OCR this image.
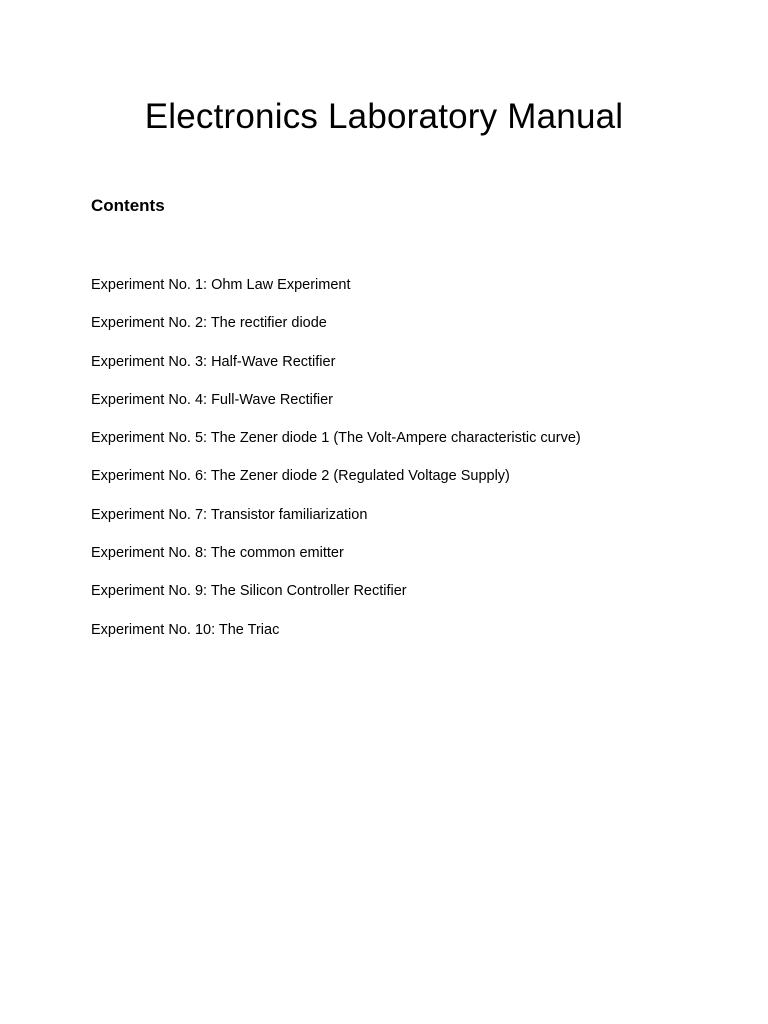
Electronics Laboratory Manual
Contents
Experiment No. 1: Ohm Law Experiment
Experiment No. 2: The rectifier diode
Experiment No. 3: Half-Wave Rectifier
Experiment No. 4: Full-Wave Rectifier
Experiment No. 5: The Zener diode 1 (The Volt-Ampere characteristic curve)
Experiment No. 6: The Zener diode 2 (Regulated Voltage Supply)
Experiment No. 7: Transistor familiarization
Experiment No. 8: The common emitter
Experiment No. 9: The Silicon Controller Rectifier
Experiment No. 10: The Triac
